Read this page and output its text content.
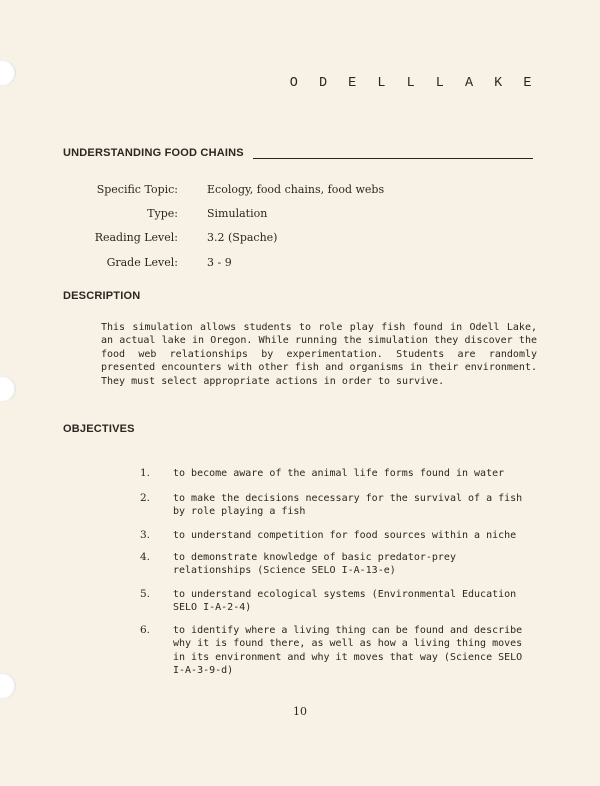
O D E L L L A K E
UNDERSTANDING FOOD CHAINS
Specific Topic:	Ecology, food chains, food webs
Type:	Simulation
Reading Level:	3.2 (Spache)
Grade Level:	3 - 9
DESCRIPTION
This simulation allows students to role play fish found in Odell Lake, an actual lake in Oregon. While running the simulation they discover the food web relationships by experimentation. Students are randomly presented encounters with other fish and organisms in their environment. They must select appropriate actions in order to survive.
OBJECTIVES
1. to become aware of the animal life forms found in water
2. to make the decisions necessary for the survival of a fish by role playing a fish
3. to understand competition for food sources within a niche
4. to demonstrate knowledge of basic predator-prey relationships (Science SELO I-A-13-e)
5. to understand ecological systems (Environmental Education SELO I-A-2-4)
6. to identify where a living thing can be found and describe why it is found there, as well as how a living thing moves in its environment and why it moves that way (Science SELO I-A-3-9-d)
10
